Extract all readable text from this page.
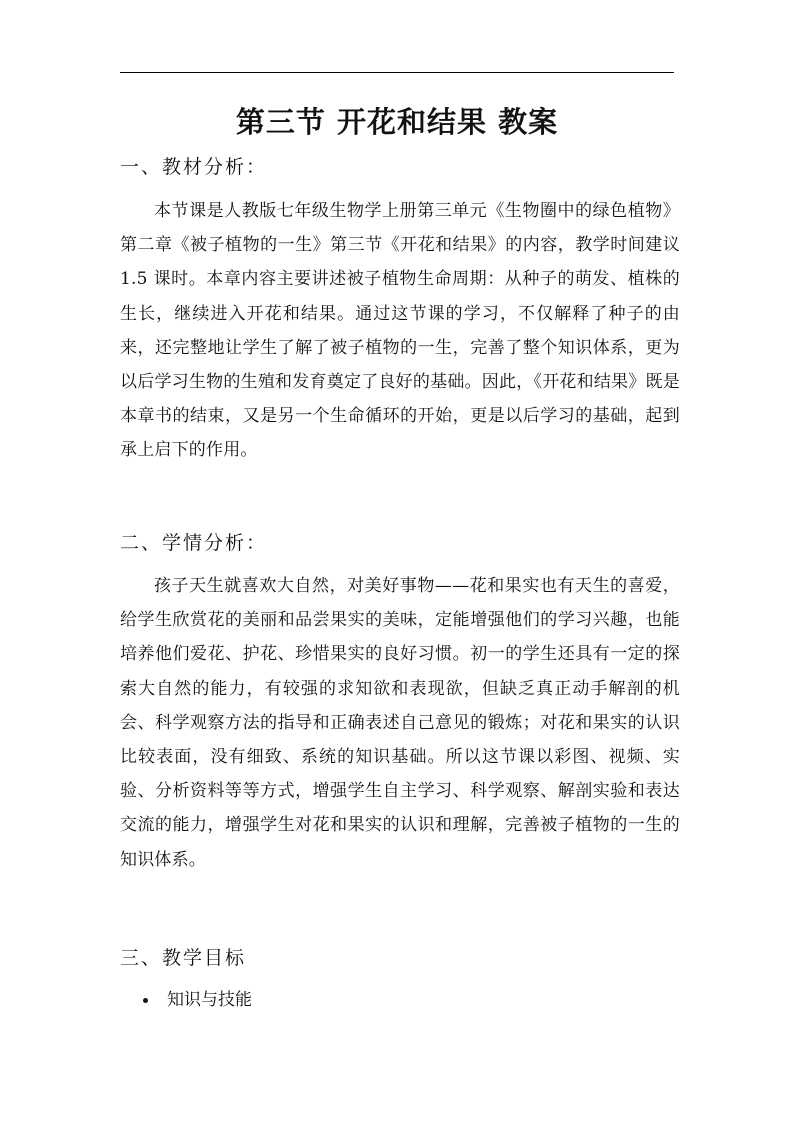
第三节 开花和结果 教案
一、教材分析：
本节课是人教版七年级生物学上册第三单元《生物圈中的绿色植物》第二章《被子植物的一生》第三节《开花和结果》的内容，教学时间建议 1.5 课时。本章内容主要讲述被子植物生命周期：从种子的萌发、植株的生长，继续进入开花和结果。通过这节课的学习，不仅解释了种子的由来，还完整地让学生了解了被子植物的一生，完善了整个知识体系，更为以后学习生物的生殖和发育奠定了良好的基础。因此，《开花和结果》既是本章书的结束，又是另一个生命循环的开始，更是以后学习的基础，起到承上启下的作用。
二、学情分析：
孩子天生就喜欢大自然，对美好事物——花和果实也有天生的喜爱，给学生欣赏花的美丽和品尝果实的美味，定能增强他们的学习兴趣，也能培养他们爱花、护花、珍惜果实的良好习惯。初一的学生还具有一定的探索大自然的能力，有较强的求知欲和表现欲，但缺乏真正动手解剖的机会、科学观察方法的指导和正确表述自己意见的锻炼；对花和果实的认识比较表面，没有细致、系统的知识基础。所以这节课以彩图、视频、实验、分析资料等等方式，增强学生自主学习、科学观察、解剖实验和表达交流的能力，增强学生对花和果实的认识和理解，完善被子植物的一生的知识体系。
三、教学目标
知识与技能
